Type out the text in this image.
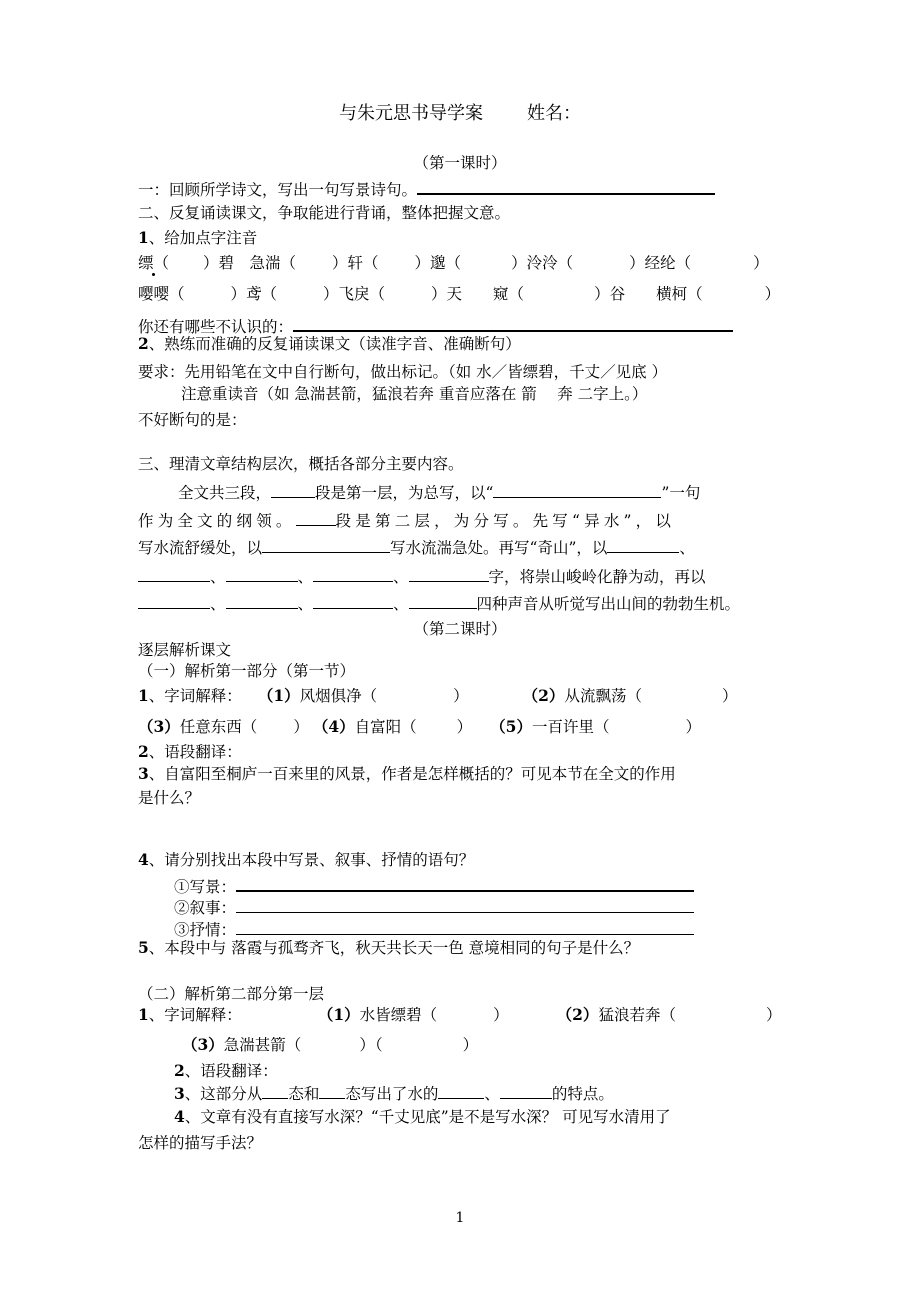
与朱元思书导学案 姓名：
（第一课时）
一：回顾所学诗文，写出一句写景诗句。
二、反复诵读课文，争取能进行背诵，整体把握文意。
1、给加点字注音
缥（ ）碧　急湍（ ）轩（ ）邈（	）泠泠（	）经纶（	）
嘤嘤（	）鸢（	）飞戾（	）天　　窥（	）谷　　横柯（	）
你还有哪些不认识的：
2、熟练而准确的反复诵读课文（读准字音、准确断句）
要求：先用铅笔在文中自行断句，做出标记。（如 水／皆缥碧，千丈／见底 ）
注意重读音（如 急湍甚箭，猛浪若奔 重音应落在 箭　 奔 二字上。）
不好断句的是：
三、理清文章结构层次，概括各部分主要内容。
全文共三段，	段是第一层，为总写，以“	”一句
作为全文的纲领。	段是第二层，为分写。先写“异水”，以
写水流舒缓处，以	写水流湍急处。再写“奇山”，以	、
、	、	、	字，将崇山峻岭化静为动，再以
、	、	、	四种声音从听觉写出山间的勃勃生机。
（第二课时）
逐层解析课文
（一）解析第一部分（第一节）
1、字词解释： （1）风烟俱净（	）	（2）从流飘荡（	）
（3）任意东西（ ） （4）自富阳（	） （5）一百许里（	）
2、语段翻译：
3、自富阳至桐庐一百来里的风景，作者是怎样概括的？可见本节在全文的作用
是什么？
4、请分别找出本段中写景、叙事、抒情的语句？
①写景：
②叙事：
③抒情：
5、本段中与 落霞与孤骛齐飞，秋天共长天一色 意境相同的句子是什么？
（二）解析第二部分第一层
1、字词解释：	（1）水皆缥碧（	）	（2）猛浪若奔（	）
（3）急湍甚箭（	）（	）
2、语段翻译：
3、这部分从 态和 态写出了水的	、	的特点。
4、文章有没有直接写水深？“千丈见底”是不是写水深？ 可见写水清用了
怎样的描写手法？
1
